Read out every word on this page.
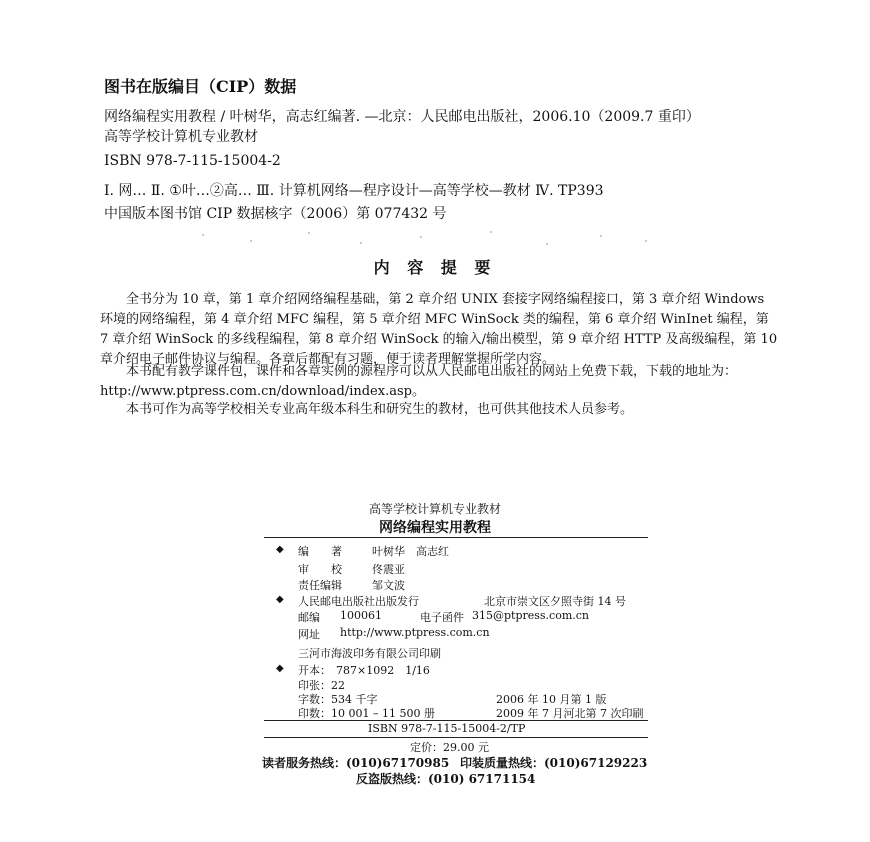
图书在版编目（CIP）数据
网络编程实用教程 / 叶树华，高志红编著. —北京：人民邮电出版社，2006.10（2009.7 重印）
高等学校计算机专业教材
ISBN 978-7-115-15004-2
Ⅰ. 网… Ⅱ. ①叶…②高… Ⅲ. 计算机网络—程序设计—高等学校—教材 Ⅳ. TP393
中国版本图书馆 CIP 数据核字（2006）第 077432 号
内 容 提 要
全书分为 10 章，第 1 章介绍网络编程基础，第 2 章介绍 UNIX 套接字网络编程接口，第 3 章介绍 Windows 环境的网络编程，第 4 章介绍 MFC 编程，第 5 章介绍 MFC WinSock 类的编程，第 6 章介绍 WinInet 编程，第 7 章介绍 WinSock 的多线程编程，第 8 章介绍 WinSock 的输入/输出模型，第 9 章介绍 HTTP 及高级编程，第 10 章介绍电子邮件协议与编程。各章后都配有习题，便于读者理解掌握所学内容。
本书配有教学课件包，课件和各章实例的源程序可以从人民邮电出版社的网站上免费下载，下载的地址为：http://www.ptpress.com.cn/download/index.asp。
本书可作为高等学校相关专业高年级本科生和研究生的教材，也可供其他技术人员参考。
高等学校计算机专业教材
网络编程实用教程
◆ 编　　著	叶树华　高志红
审　　校	佟震亚
责任编辑	邹文波
◆ 人民邮电出版社出版发行	北京市崇文区夕照寺街 14 号
邮编 100061	电子函件 315@ptpress.com.cn
网址 http://www.ptpress.com.cn
三河市海波印务有限公司印刷
◆ 开本： 787×1092　1/16
印张：22
字数：534 千字	2006 年 10 月第 1 版
印数：10 001 – 11 500 册	2009 年 7 月河北第 7 次印刷
ISBN 978-7-115-15004-2/TP
定价：29.00 元
读者服务热线：(010)67170985 印装质量热线：(010)67129223
反盗版热线：(010) 67171154
